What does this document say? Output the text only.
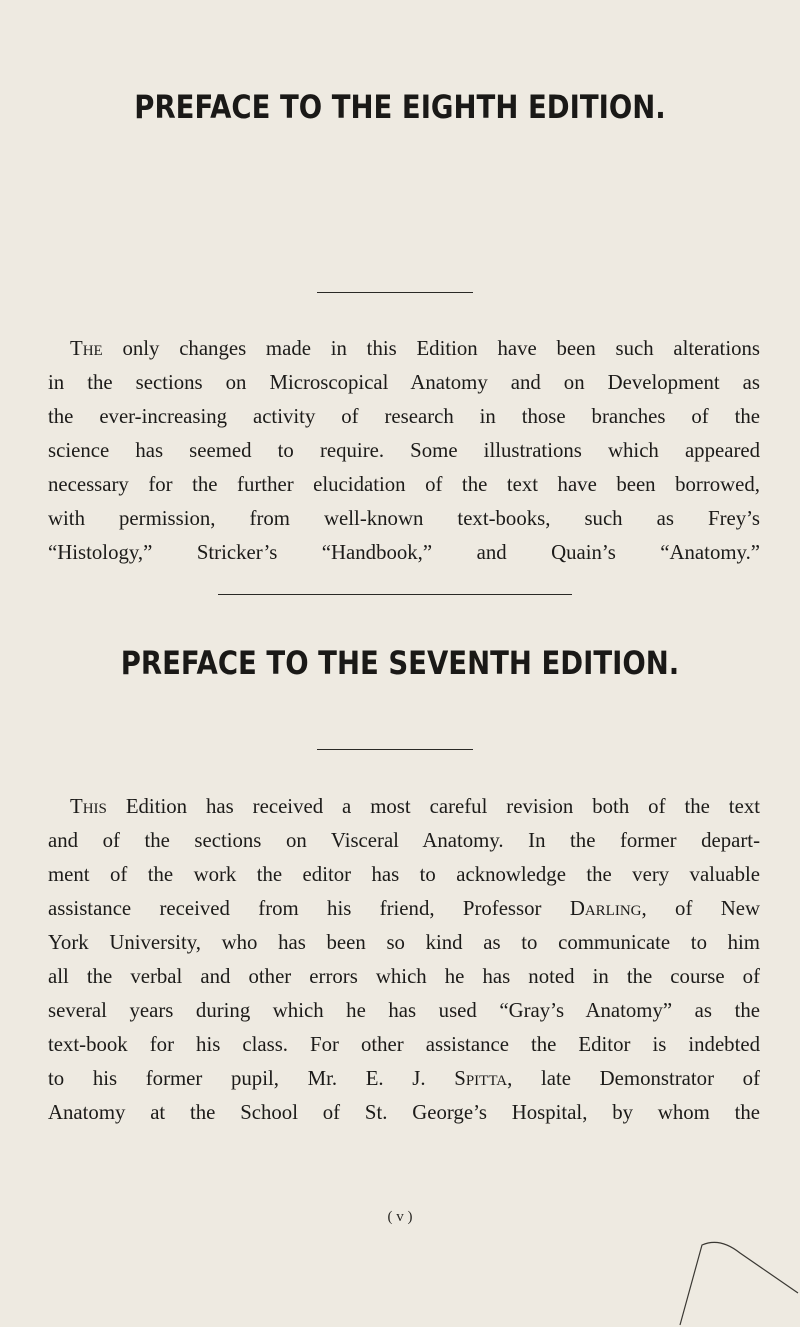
PREFACE TO THE EIGHTH EDITION.
The only changes made in this Edition have been such alterations
in the sections on Microscopical Anatomy and on Development as
the ever-increasing activity of research in those branches of the
science has seemed to require. Some illustrations which appeared
necessary for the further elucidation of the text have been borrowed,
with permission, from well-known text-books, such as Frey’s
“Histology,” Stricker’s “Handbook,” and Quain’s “Anatomy.”
PREFACE TO THE SEVENTH EDITION.
This Edition has received a most careful revision both of the text
and of the sections on Visceral Anatomy. In the former depart-
ment of the work the editor has to acknowledge the very valuable
assistance received from his friend, Professor Darling, of New
York University, who has been so kind as to communicate to him
all the verbal and other errors which he has noted in the course of
several years during which he has used “Gray’s Anatomy” as the
text-book for his class. For other assistance the Editor is indebted
to his former pupil, Mr. E. J. Spitta, late Demonstrator of
Anatomy at the School of St. George’s Hospital, by whom the
( v )
